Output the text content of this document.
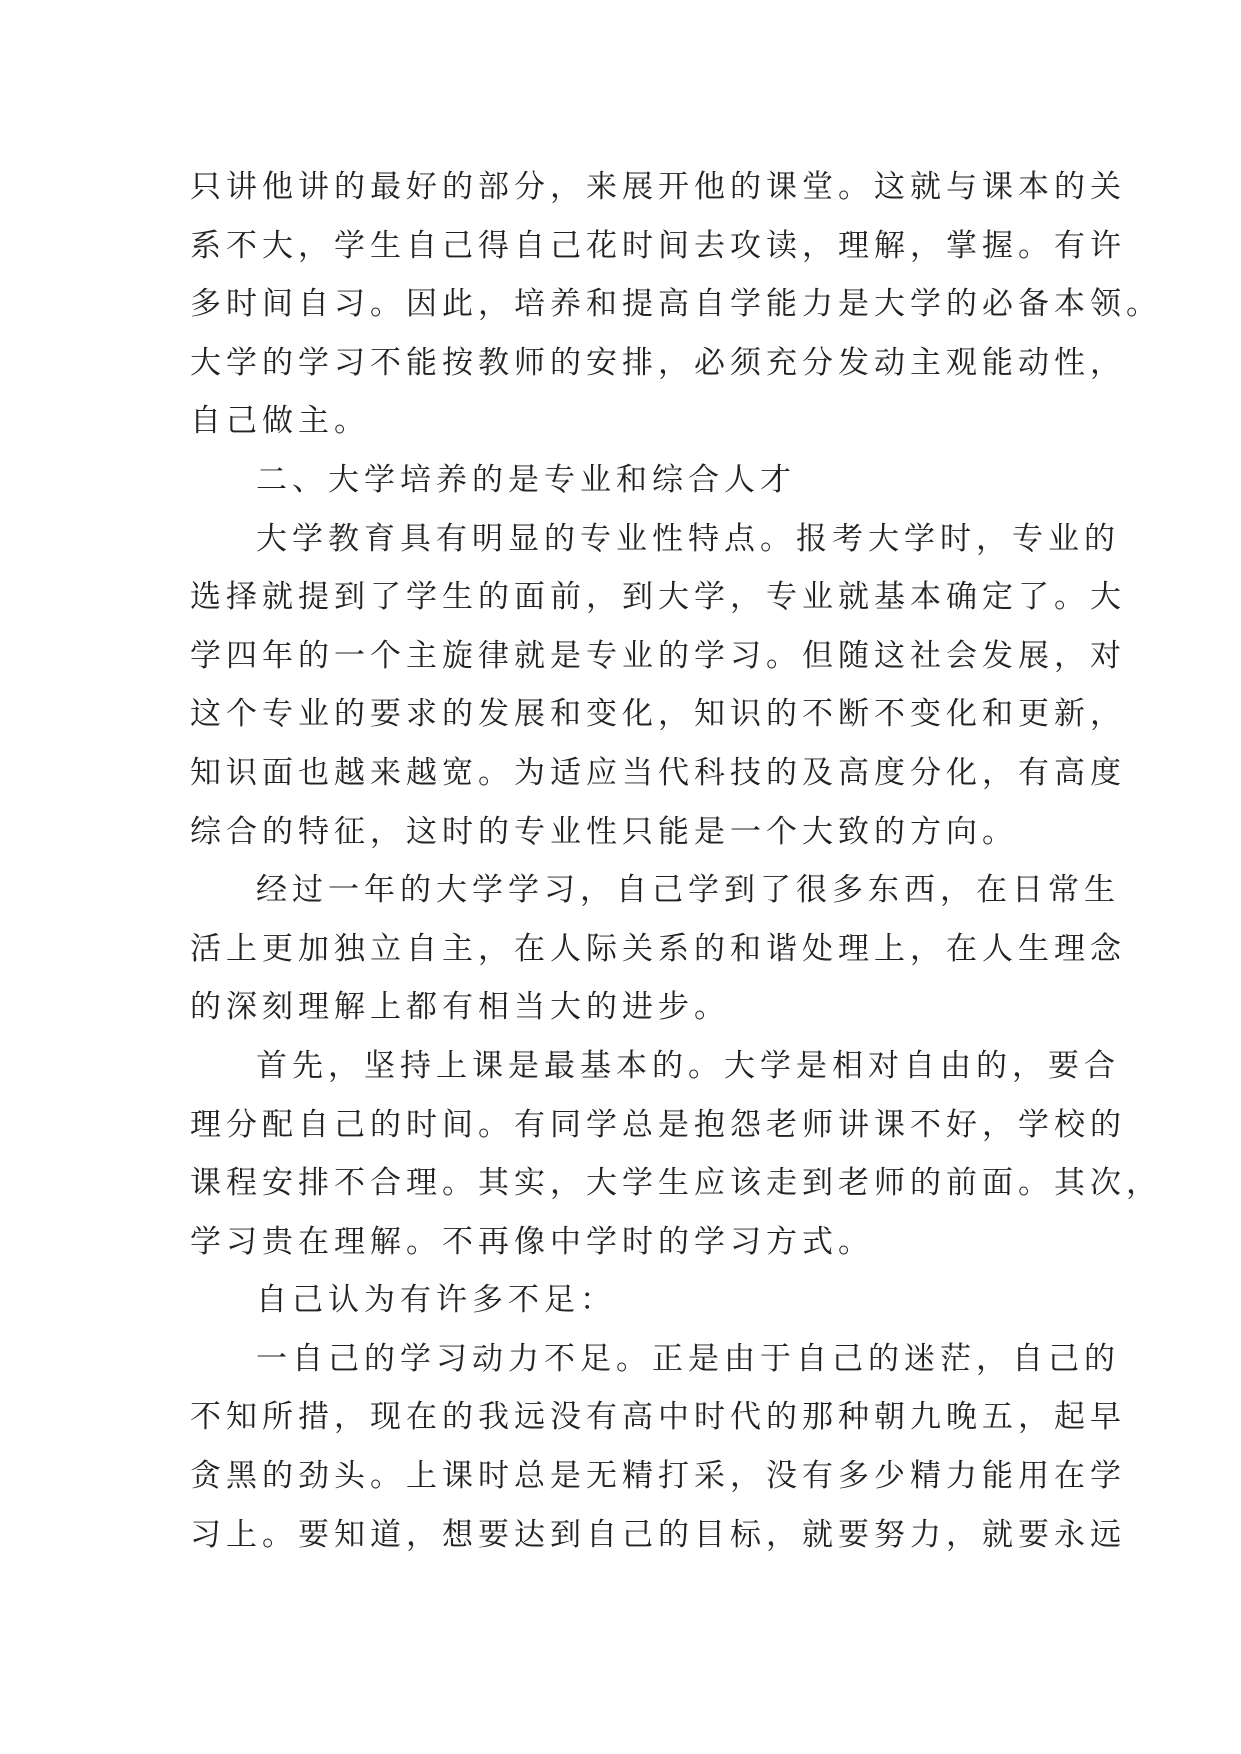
只讲他讲的最好的部分，来展开他的课堂。这就与课本的关
系不大，学生自己得自己花时间去攻读，理解，掌握。有许
多时间自习。因此，培养和提高自学能力是大学的必备本领。
大学的学习不能按教师的安排，必须充分发动主观能动性，
自己做主。
二、大学培养的是专业和综合人才
大学教育具有明显的专业性特点。报考大学时，专业的
选择就提到了学生的面前，到大学，专业就基本确定了。大
学四年的一个主旋律就是专业的学习。但随这社会发展，对
这个专业的要求的发展和变化，知识的不断不变化和更新，
知识面也越来越宽。为适应当代科技的及高度分化，有高度
综合的特征，这时的专业性只能是一个大致的方向。
经过一年的大学学习，自己学到了很多东西，在日常生
活上更加独立自主，在人际关系的和谐处理上，在人生理念
的深刻理解上都有相当大的进步。
首先，坚持上课是最基本的。大学是相对自由的，要合
理分配自己的时间。有同学总是抱怨老师讲课不好，学校的
课程安排不合理。其实，大学生应该走到老师的前面。其次，
学习贵在理解。不再像中学时的学习方式。
自己认为有许多不足：
一自己的学习动力不足。正是由于自己的迷茫，自己的
不知所措，现在的我远没有高中时代的那种朝九晚五，起早
贪黑的劲头。上课时总是无精打采，没有多少精力能用在学
习上。要知道，想要达到自己的目标，就要努力，就要永远
